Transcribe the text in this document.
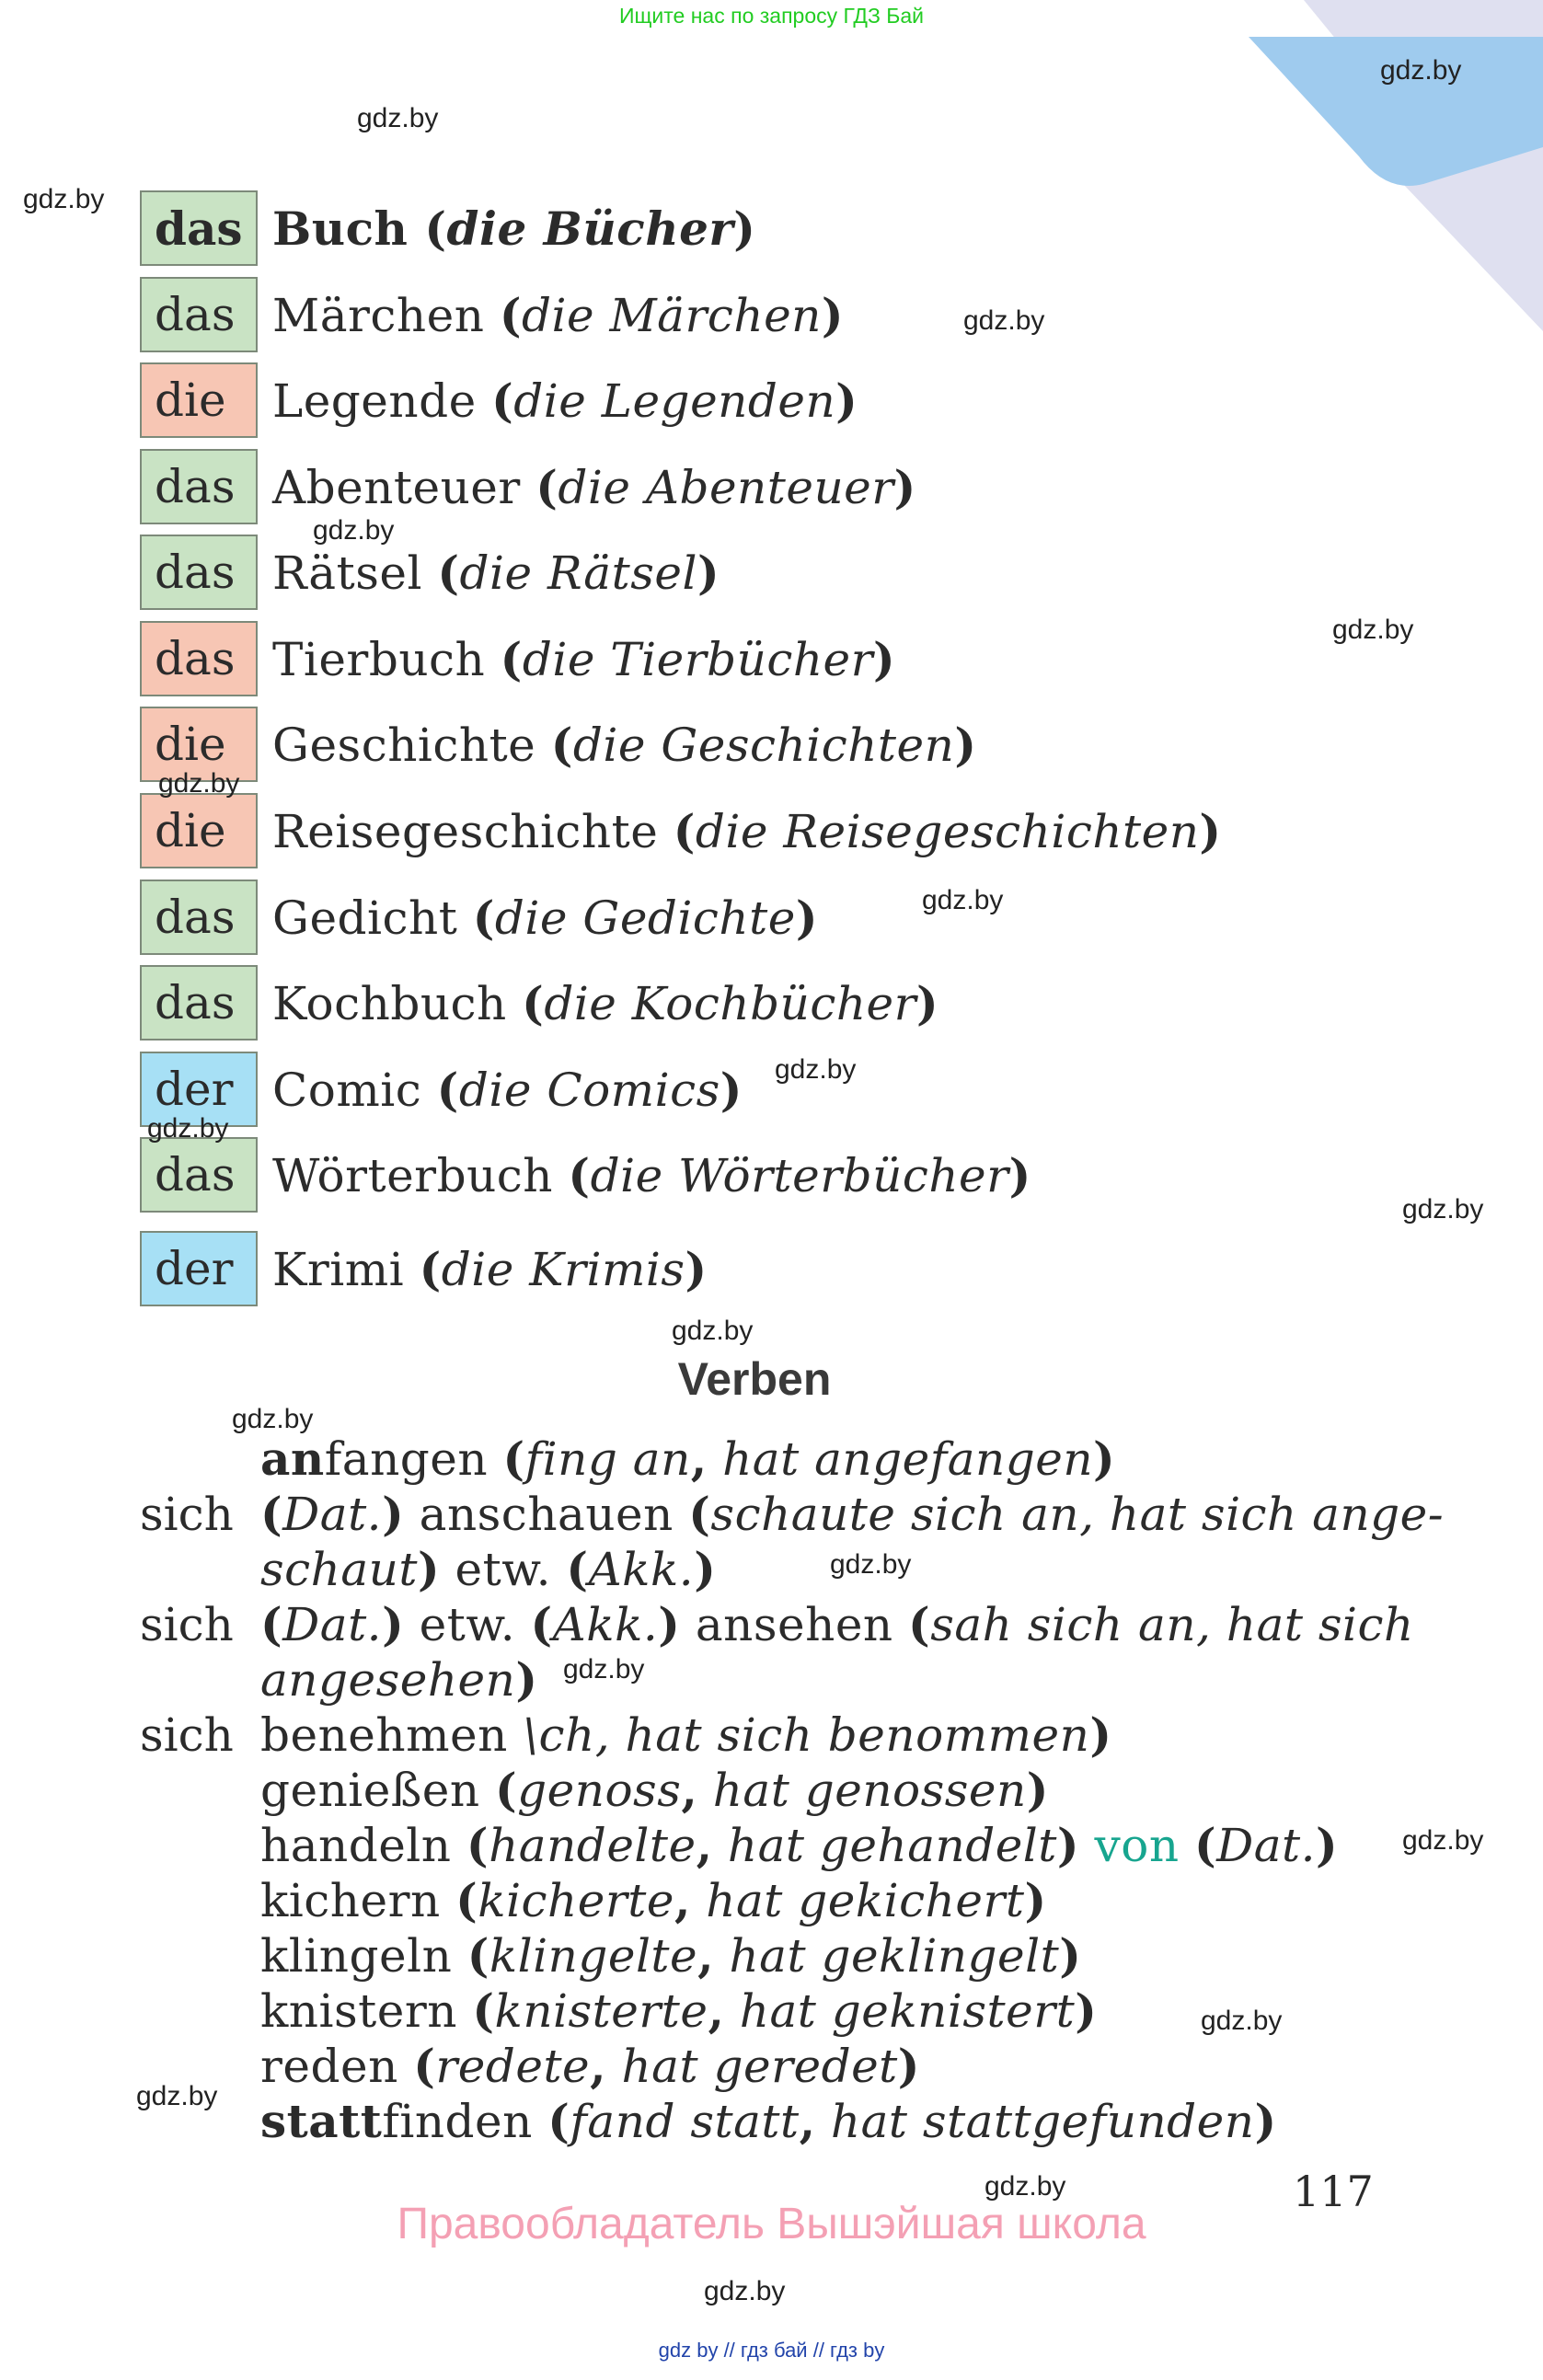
Ищите нас по запросу ГДЗ Бай
das Buch (die Bücher)
das Märchen (die Märchen)
die	Legende (die Legenden)
das Abenteuer (die Abenteuer)
das Rätsel (die Rätsel)
das Tierbuch (die Tierbücher)
die	Geschichte (die Geschichten)
die	Reisegeschichte (die Reisegeschichten)
das Gedicht (die Gedichte)
das Kochbuch (die Kochbücher)
der Comic (die Comics)
das Wörterbuch (die Wörterbücher)
der Krimi (die Krimis)
Verben
anfangen (fing an, hat angefangen)
sich (Dat.) anschauen (schaute sich an, hat sich ange-
schaut) etw. (Akk.)
sich (Dat.) etw. (Akk.) ansehen (sah sich an, hat sich
angesehen)
sich benehmen \ch, hat sich benommen)
genießen (genoss, hat genossen)
handeln (handelte, hat gehandelt) von (Dat.)
kichern (kicherte, hat gekichert)
klingeln (klingelte, hat geklingelt)
knistern (knisterte, hat geknistert)
reden (redete, hat geredet)
stattfinden (fand statt, hat stattgefunden)
117
Правообладатель Вышэйшая школа
gdz by // гдз бай // гдз by
gdz.by
gdz.by
gdz.by
gdz.by
gdz.by
gdz.by
gdz.by
gdz.by
gdz.by
gdz.by
gdz.by
gdz.by
gdz.by
gdz.by
gdz.by
gdz.by
gdz.by
gdz.by
gdz.by
gdz.by
